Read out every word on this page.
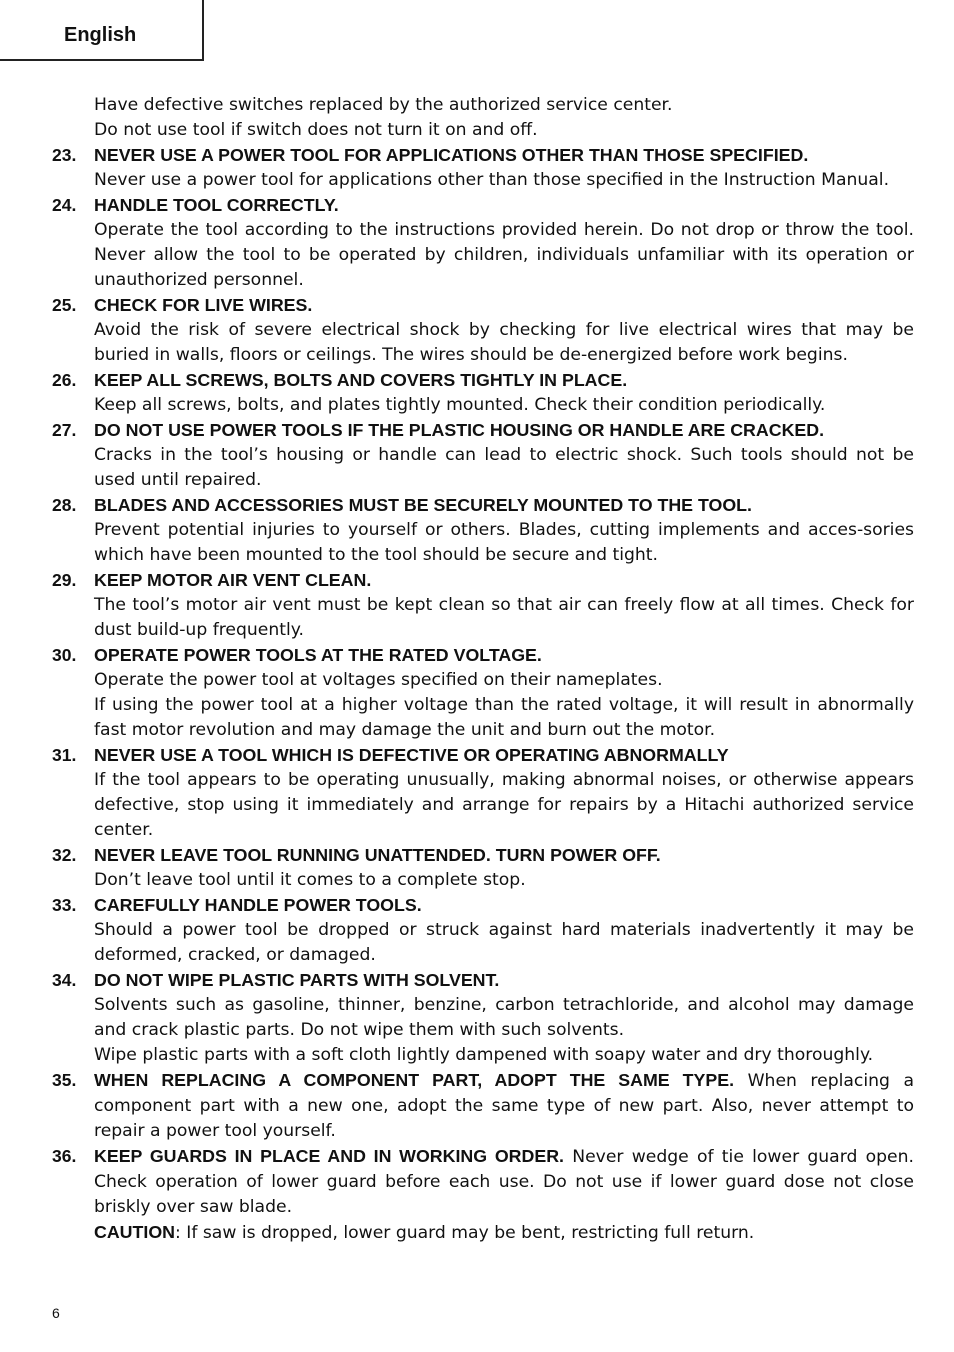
English

Have defective switches replaced by the authorized service center.

Do not use tool if switch does not turn it on and off.

23. NEVER USE A POWER TOOL FOR APPLICATIONS OTHER THAN THOSE SPECIFIED.

Never use a power tool for applications other than those specified in the Instruction Manual.

24. HANDLE TOOL CORRECTLY.

Operate the tool according to the instructions provided herein. Do not drop or throw the tool. Never allow the tool to be operated by children, individuals unfamiliar with its operation or unauthorized personnel.

25. CHECK FOR LIVE WIRES.

Avoid the risk of severe electrical shock by checking for live electrical wires that may be buried in walls, floors or ceilings. The wires should be de-energized before work begins.

26. KEEP ALL SCREWS, BOLTS AND COVERS TIGHTLY IN PLACE.

Keep all screws, bolts, and plates tightly mounted. Check their condition periodically.

27. DO NOT USE POWER TOOLS IF THE PLASTIC HOUSING OR HANDLE ARE CRACKED.

Cracks in the tool’s housing or handle can lead to electric shock. Such tools should not be used until repaired.

28. BLADES AND ACCESSORIES MUST BE SECURELY MOUNTED TO THE TOOL.

Prevent potential injuries to yourself or others. Blades, cutting implements and acces-sories which have been mounted to the tool should be secure and tight.

29. KEEP MOTOR AIR VENT CLEAN.

The tool’s motor air vent must be kept clean so that air can freely flow at all times. Check for dust build-up frequently.

30. OPERATE POWER TOOLS AT THE RATED VOLTAGE.

Operate the power tool at voltages specified on their nameplates.

If using the power tool at a higher voltage than the rated voltage, it will result in abnormally fast motor revolution and may damage the unit and burn out the motor.

31. NEVER USE A TOOL WHICH IS DEFECTIVE OR OPERATING ABNORMALLY

If the tool appears to be operating unusually, making abnormal noises, or otherwise appears defective, stop using it immediately and arrange for repairs by a Hitachi authorized service center.

32. NEVER LEAVE TOOL RUNNING UNATTENDED. TURN POWER OFF.

Don’t leave tool until it comes to a complete stop.

33. CAREFULLY HANDLE POWER TOOLS.

Should a power tool be dropped or struck against hard materials inadvertently it may be deformed, cracked, or damaged.

34. DO NOT WIPE PLASTIC PARTS WITH SOLVENT.

Solvents such as gasoline, thinner, benzine, carbon tetrachloride, and alcohol may damage and crack plastic parts. Do not wipe them with such solvents.

Wipe plastic parts with a soft cloth lightly dampened with soapy water and dry thoroughly.

35. WHEN REPLACING A COMPONENT PART, ADOPT THE SAME TYPE. When replacing a component part with a new one, adopt the same type of new part. Also, never attempt to repair a power tool yourself.

36. KEEP GUARDS IN PLACE AND IN WORKING ORDER. Never wedge of tie lower guard open. Check operation of lower guard before each use. Do not use if lower guard dose not close briskly over saw blade.

CAUTION: If saw is dropped, lower guard may be bent, restricting full return.

6
